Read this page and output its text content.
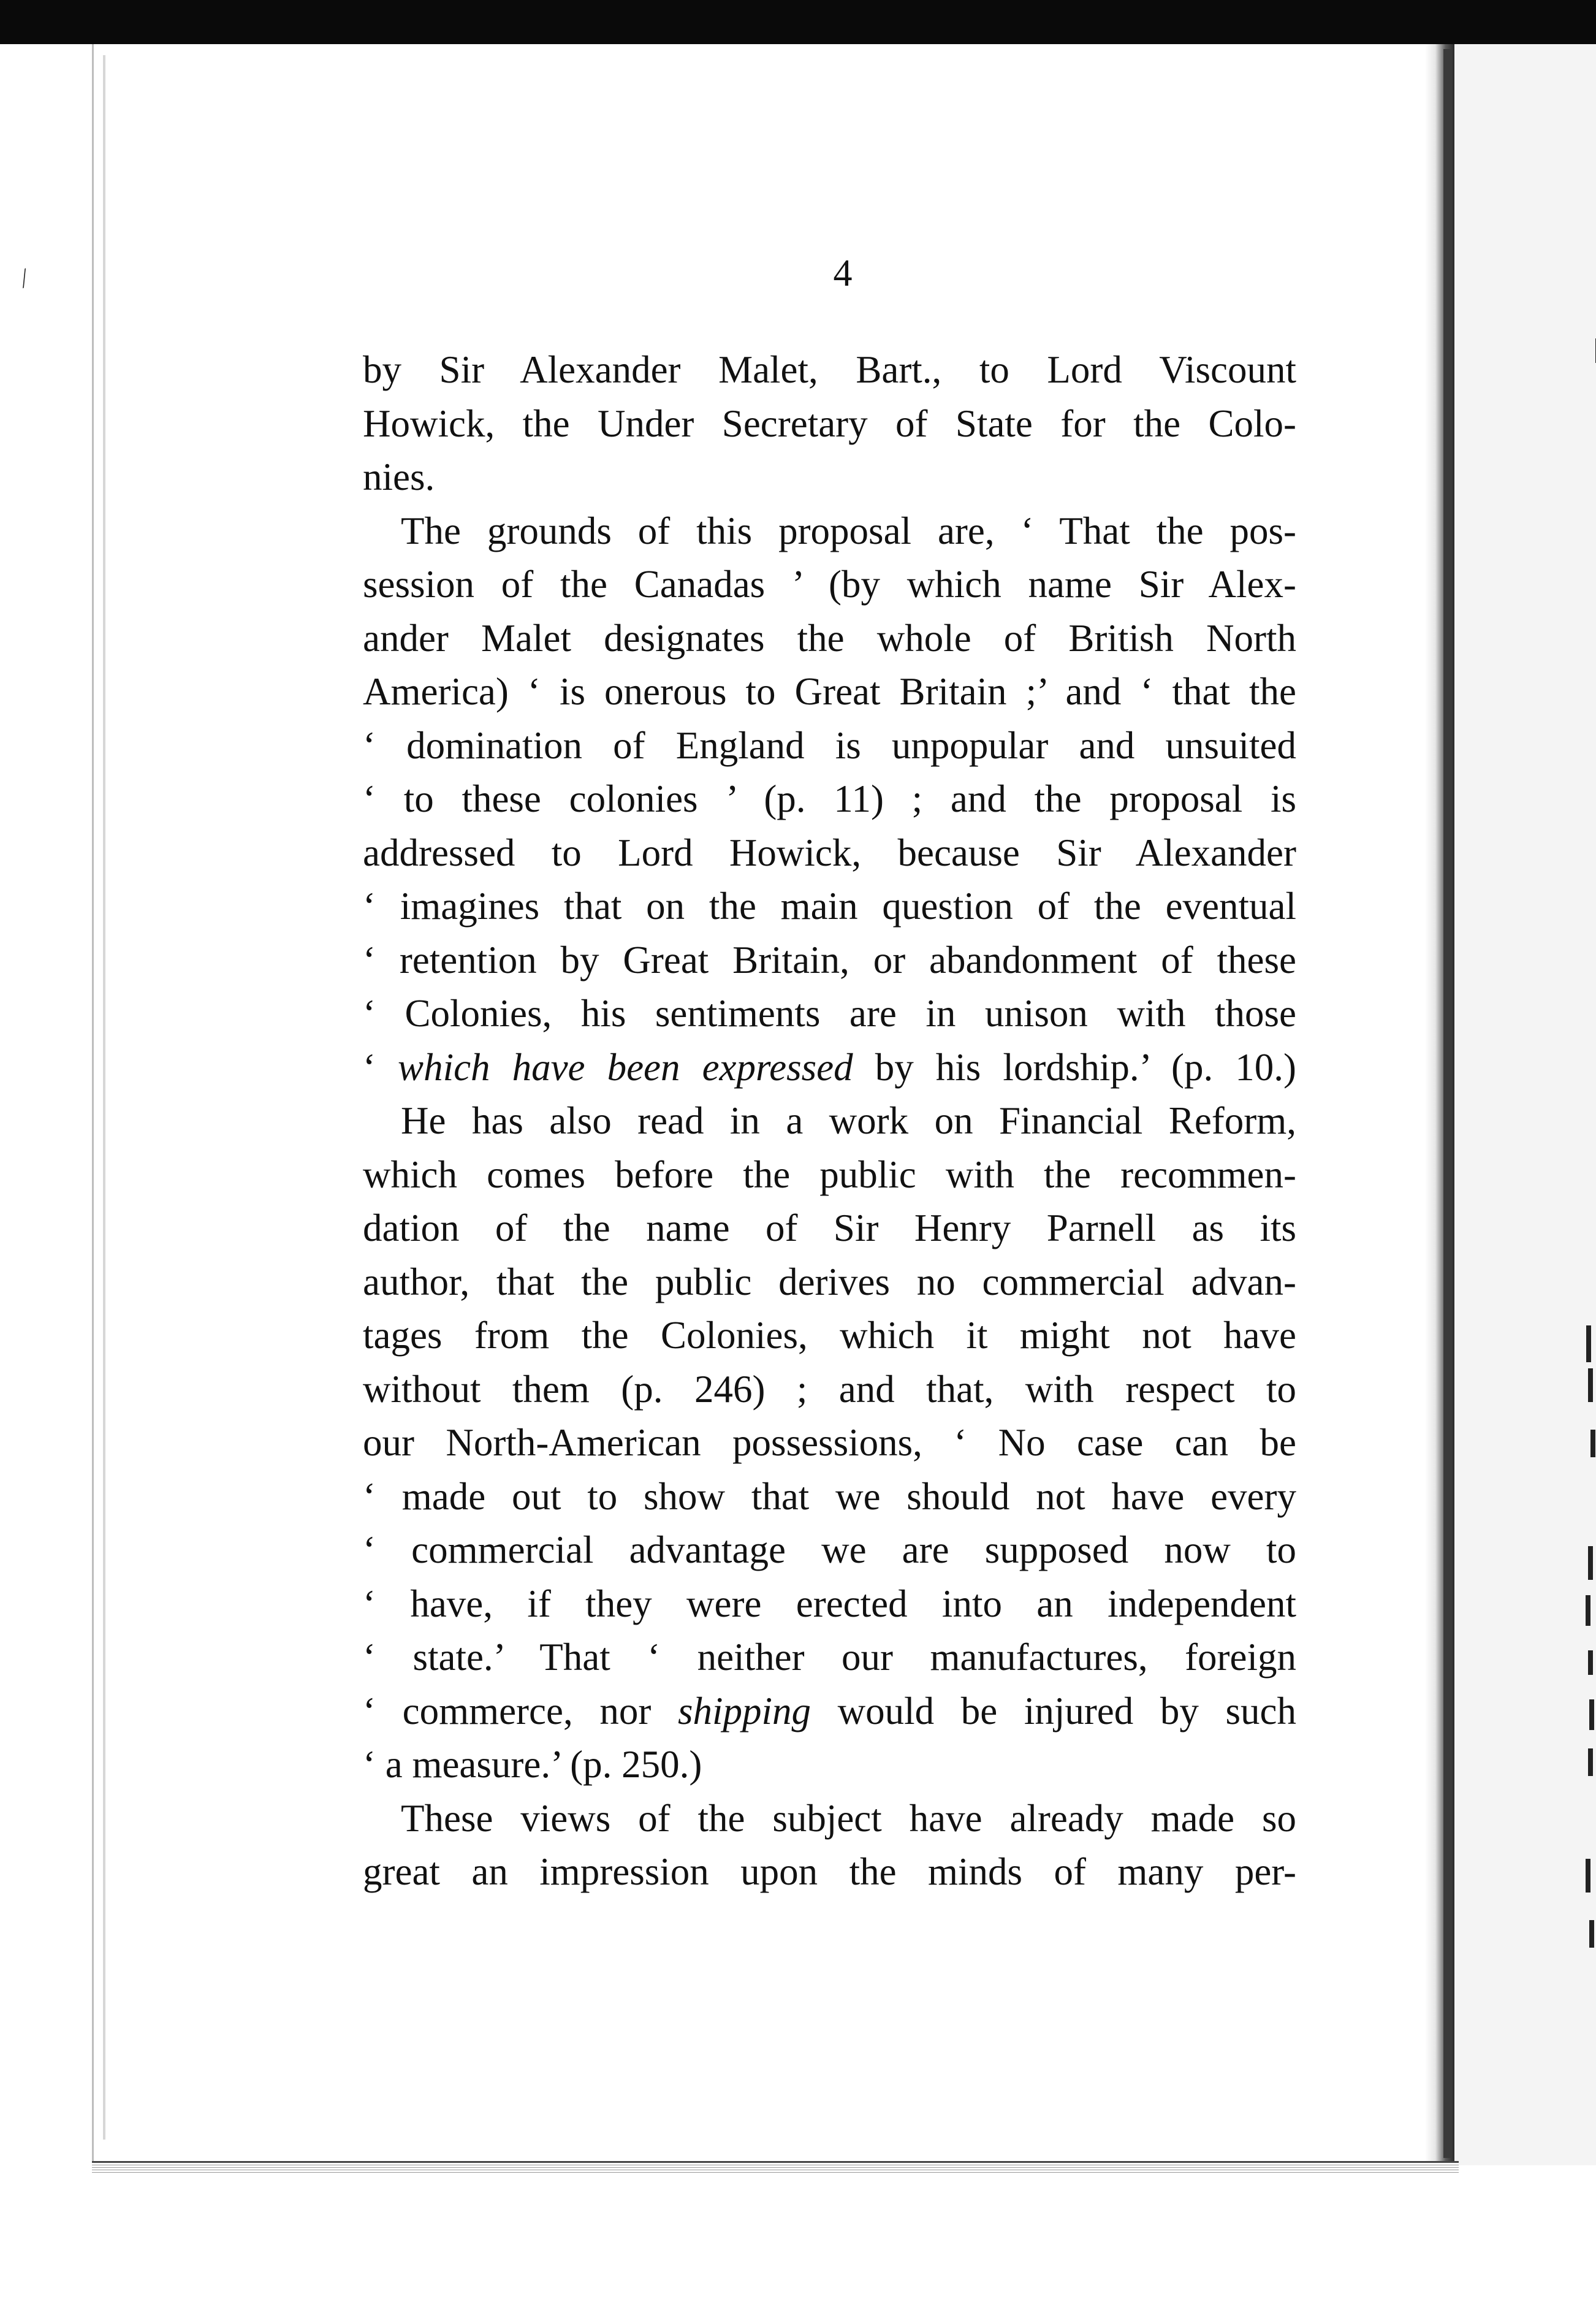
⁄	4
by Sir Alexander Malet, Bart., to Lord Viscount
Howick, the Under Secretary of State for the Colo-
nies.
The grounds of this proposal are, ‘ That the pos-
session of the Canadas ’ (by which name Sir Alex-
ander Malet designates the whole of British North
America) ‘ is onerous to Great Britain ;’ and ‘ that the
‘ domination of England is unpopular and unsuited
‘ to these colonies ’ (p. 11) ; and the proposal is
addressed to Lord Howick, because Sir Alexander
‘ imagines that on the main question of the eventual
‘ retention by Great Britain, or abandonment of these
‘ Colonies, his sentiments are in unison with those
‘ which have been expressed by his lordship.’ (p. 10.)
He has also read in a work on Financial Reform,
which comes before the public with the recommen-
dation of the name of Sir Henry Parnell as its
author, that the public derives no commercial advan-
tages from the Colonies, which it might not have
without them (p. 246) ; and that, with respect to
our North-American possessions, ‘ No case can be
‘ made out to show that we should not have every
‘ commercial advantage we are supposed now to
‘ have, if they were erected into an independent
‘ state.’ That ‘ neither our manufactures, foreign
‘ commerce, nor shipping would be injured by such
‘ a measure.’ (p. 250.)
These views of the subject have already made so
great an impression upon the minds of many per-
